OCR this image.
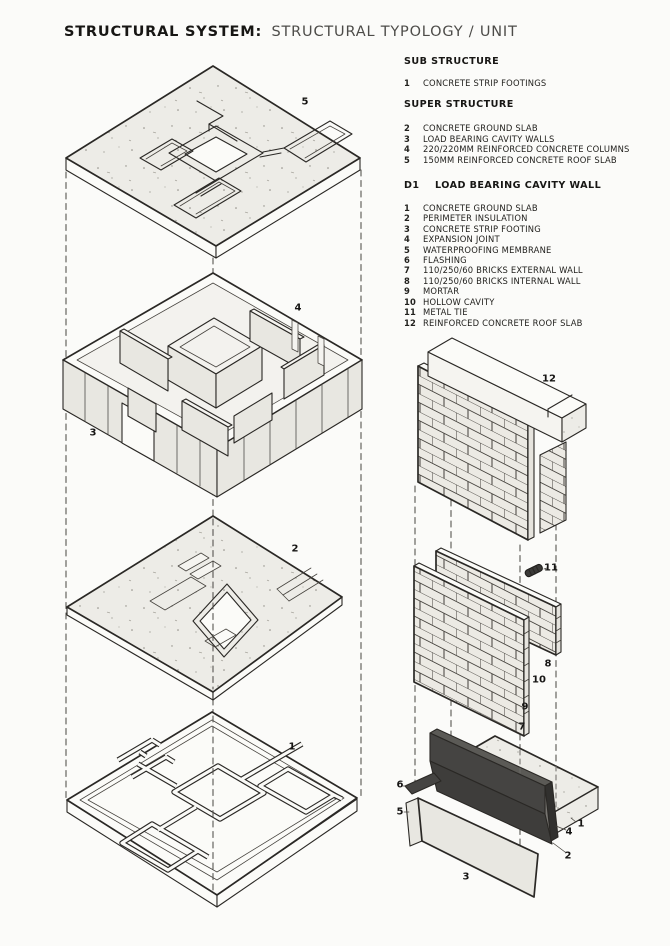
STRUCTURAL SYSTEM: STRUCTURAL TYPOLOGY / UNIT
SUB STRUCTURE
1	CONCRETE STRIP FOOTINGS
SUPER STRUCTURE
2	CONCRETE GROUND SLAB
3	LOAD BEARING CAVITY WALLS
4	220/220MM REINFORCED CONCRETE COLUMNS
5	150MM REINFORCED CONCRETE ROOF SLAB
D1	LOAD BEARING CAVITY WALL
1	CONCRETE GROUND SLAB
2	PERIMETER INSULATION
3	CONCRETE STRIP FOOTING
4	EXPANSION JOINT
5	WATERPROOFING MEMBRANE
6	FLASHING
7	110/250/60 BRICKS EXTERNAL WALL
8	110/250/60 BRICKS INTERNAL WALL
9	MORTAR
10 HOLLOW CAVITY
11 METAL TIE
12 REINFORCED CONCRETE ROOF SLAB
5
4
3
2
1
12
11
8
10
9
7
6
5
3
1
4
2
